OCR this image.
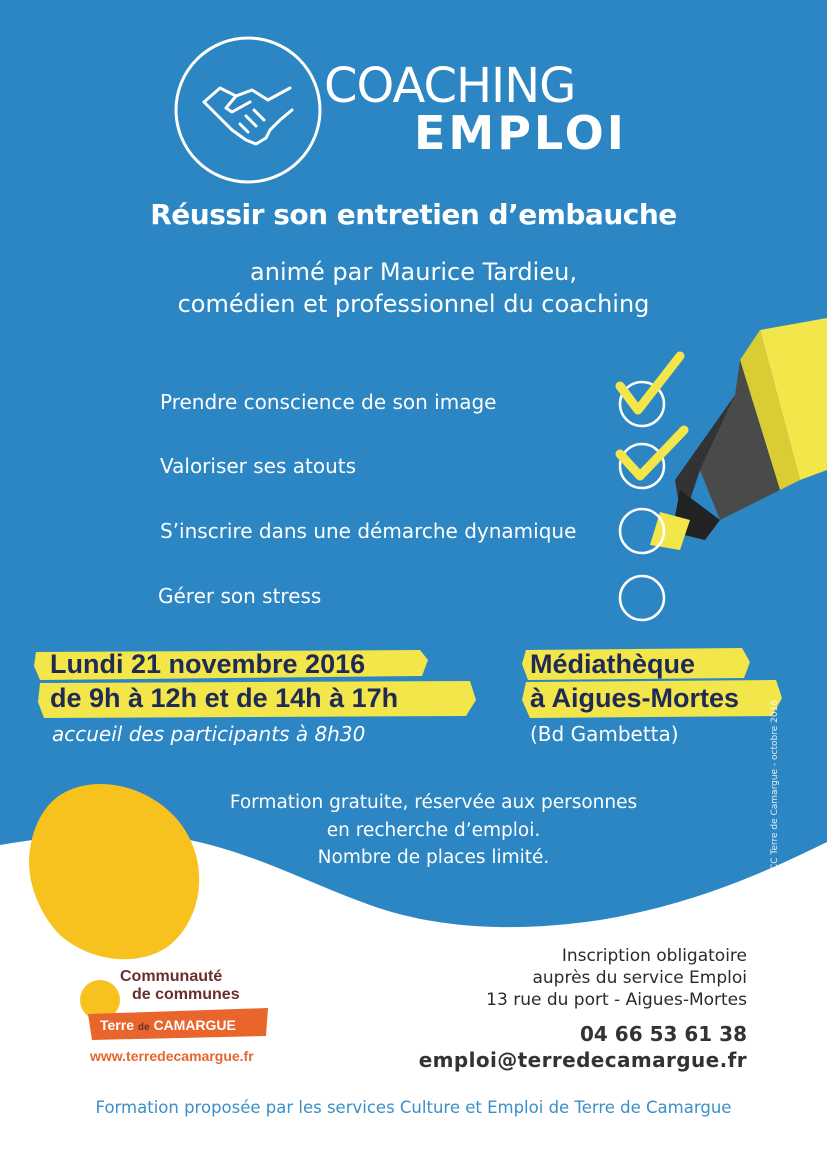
COACHING
EMPLOI
Réussir son entretien d’embauche
animé par Maurice Tardieu,
comédien et professionnel du coaching
Prendre conscience de son image
Valoriser ses atouts
S’inscrire dans une démarche dynamique
Gérer son stress
Lundi 21 novembre 2016
de 9h à 12h et de 14h à 17h
Médiathèque
à Aigues-Mortes
accueil des participants à 8h30	(Bd Gambetta)
Formation gratuite, réservée aux personnes
en recherche d’emploi.
Nombre de places limité.	CC Terre de Camargue - octobre 2016
Inscription obligatoire
auprès du service Emploi
13 rue du port - Aigues-Mortes
04 66 53 61 38
emploi@terredecamargue.fr
Communauté
de communes
Terre de CAMARGUE
www.terredecamargue.fr
Formation proposée par les services Culture et Emploi de Terre de Camargue
